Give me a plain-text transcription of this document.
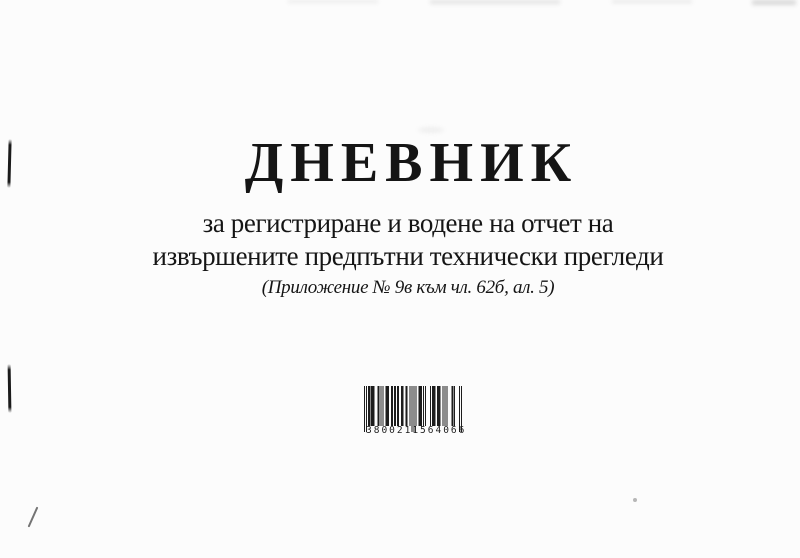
ДНЕВНИК
за регистриране и водене на отчет на
извършените предпътни технически прегледи
(Приложение № 9в към чл. 62б, ал. 5)
3800211564066
